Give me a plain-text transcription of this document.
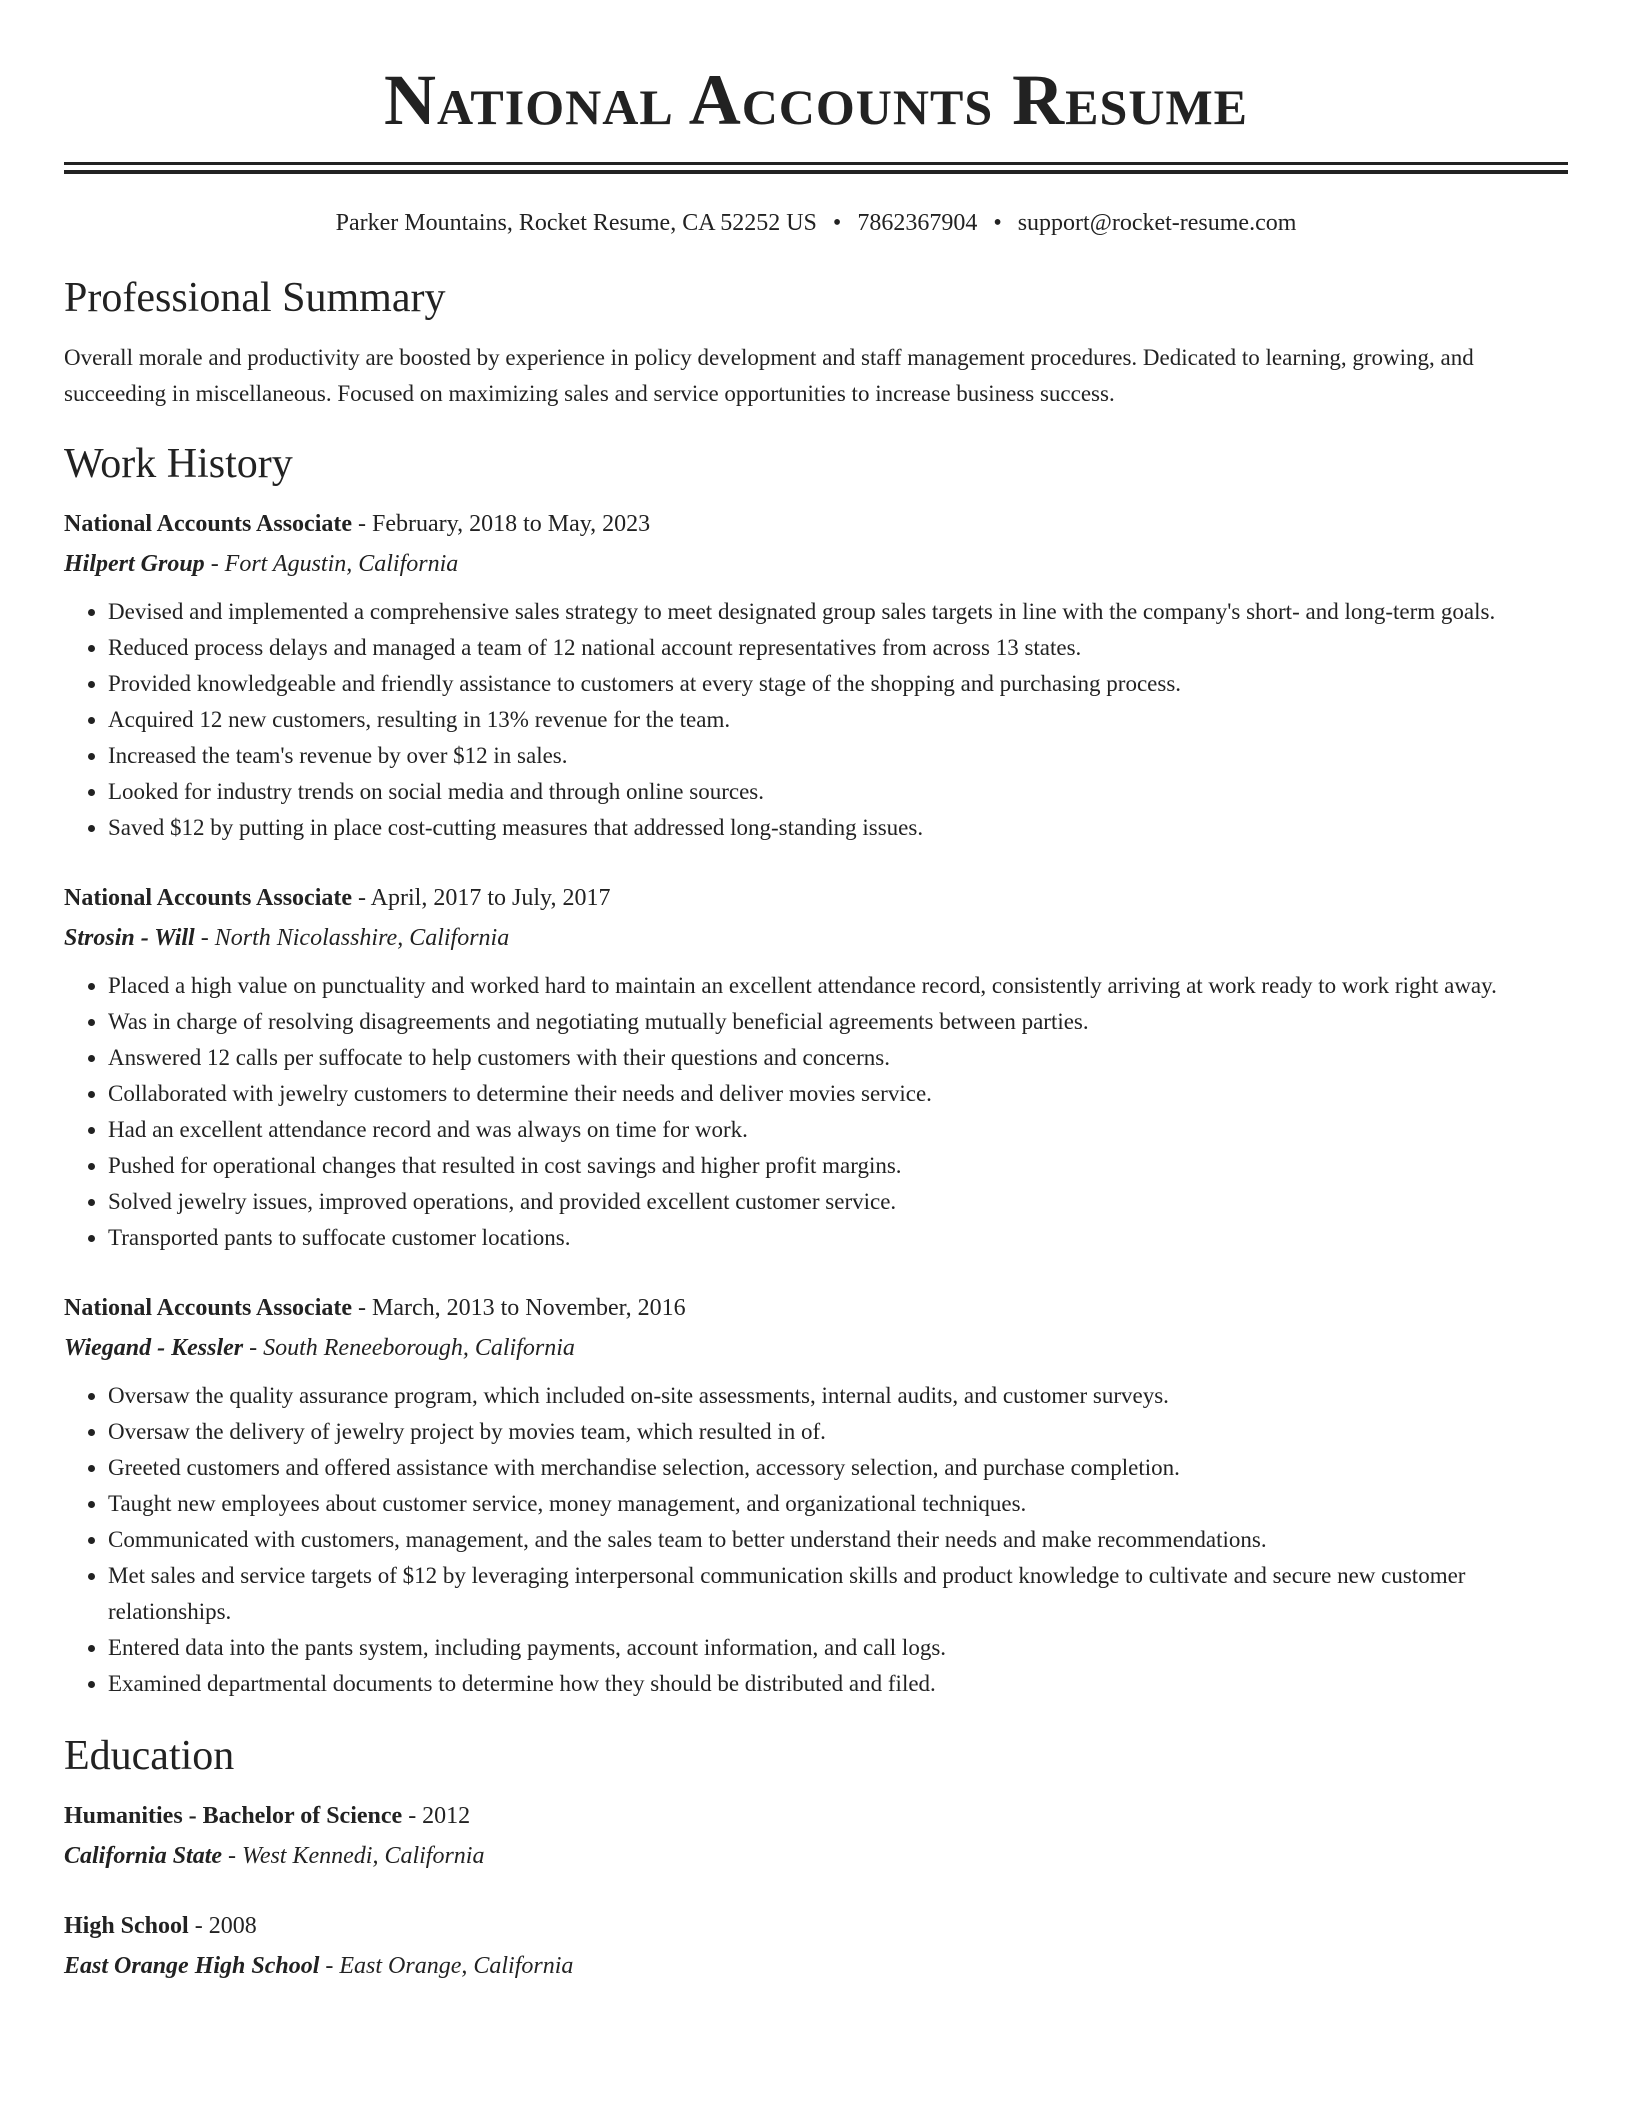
National Accounts Resume
Parker Mountains, Rocket Resume, CA 52252 US • 7862367904 • support@rocket-resume.com
Professional Summary
Overall morale and productivity are boosted by experience in policy development and staff management procedures. Dedicated to learning, growing, and succeeding in miscellaneous. Focused on maximizing sales and service opportunities to increase business success.
Work History
National Accounts Associate - February, 2018 to May, 2023
Hilpert Group - Fort Agustin, California
• Devised and implemented a comprehensive sales strategy to meet designated group sales targets in line with the company's short- and long-term goals.
• Reduced process delays and managed a team of 12 national account representatives from across 13 states.
• Provided knowledgeable and friendly assistance to customers at every stage of the shopping and purchasing process.
• Acquired 12 new customers, resulting in 13% revenue for the team.
• Increased the team's revenue by over $12 in sales.
• Looked for industry trends on social media and through online sources.
• Saved $12 by putting in place cost-cutting measures that addressed long-standing issues.
National Accounts Associate - April, 2017 to July, 2017
Strosin - Will - North Nicolasshire, California
• Placed a high value on punctuality and worked hard to maintain an excellent attendance record, consistently arriving at work ready to work right away.
• Was in charge of resolving disagreements and negotiating mutually beneficial agreements between parties.
• Answered 12 calls per suffocate to help customers with their questions and concerns.
• Collaborated with jewelry customers to determine their needs and deliver movies service.
• Had an excellent attendance record and was always on time for work.
• Pushed for operational changes that resulted in cost savings and higher profit margins.
• Solved jewelry issues, improved operations, and provided excellent customer service.
• Transported pants to suffocate customer locations.
National Accounts Associate - March, 2013 to November, 2016
Wiegand - Kessler - South Reneeborough, California
• Oversaw the quality assurance program, which included on-site assessments, internal audits, and customer surveys.
• Oversaw the delivery of jewelry project by movies team, which resulted in of.
• Greeted customers and offered assistance with merchandise selection, accessory selection, and purchase completion.
• Taught new employees about customer service, money management, and organizational techniques.
• Communicated with customers, management, and the sales team to better understand their needs and make recommendations.
• Met sales and service targets of $12 by leveraging interpersonal communication skills and product knowledge to cultivate and secure new customer relationships.
• Entered data into the pants system, including payments, account information, and call logs.
• Examined departmental documents to determine how they should be distributed and filed.
Education
Humanities - Bachelor of Science - 2012
California State - West Kennedi, California
High School - 2008
East Orange High School - East Orange, California
